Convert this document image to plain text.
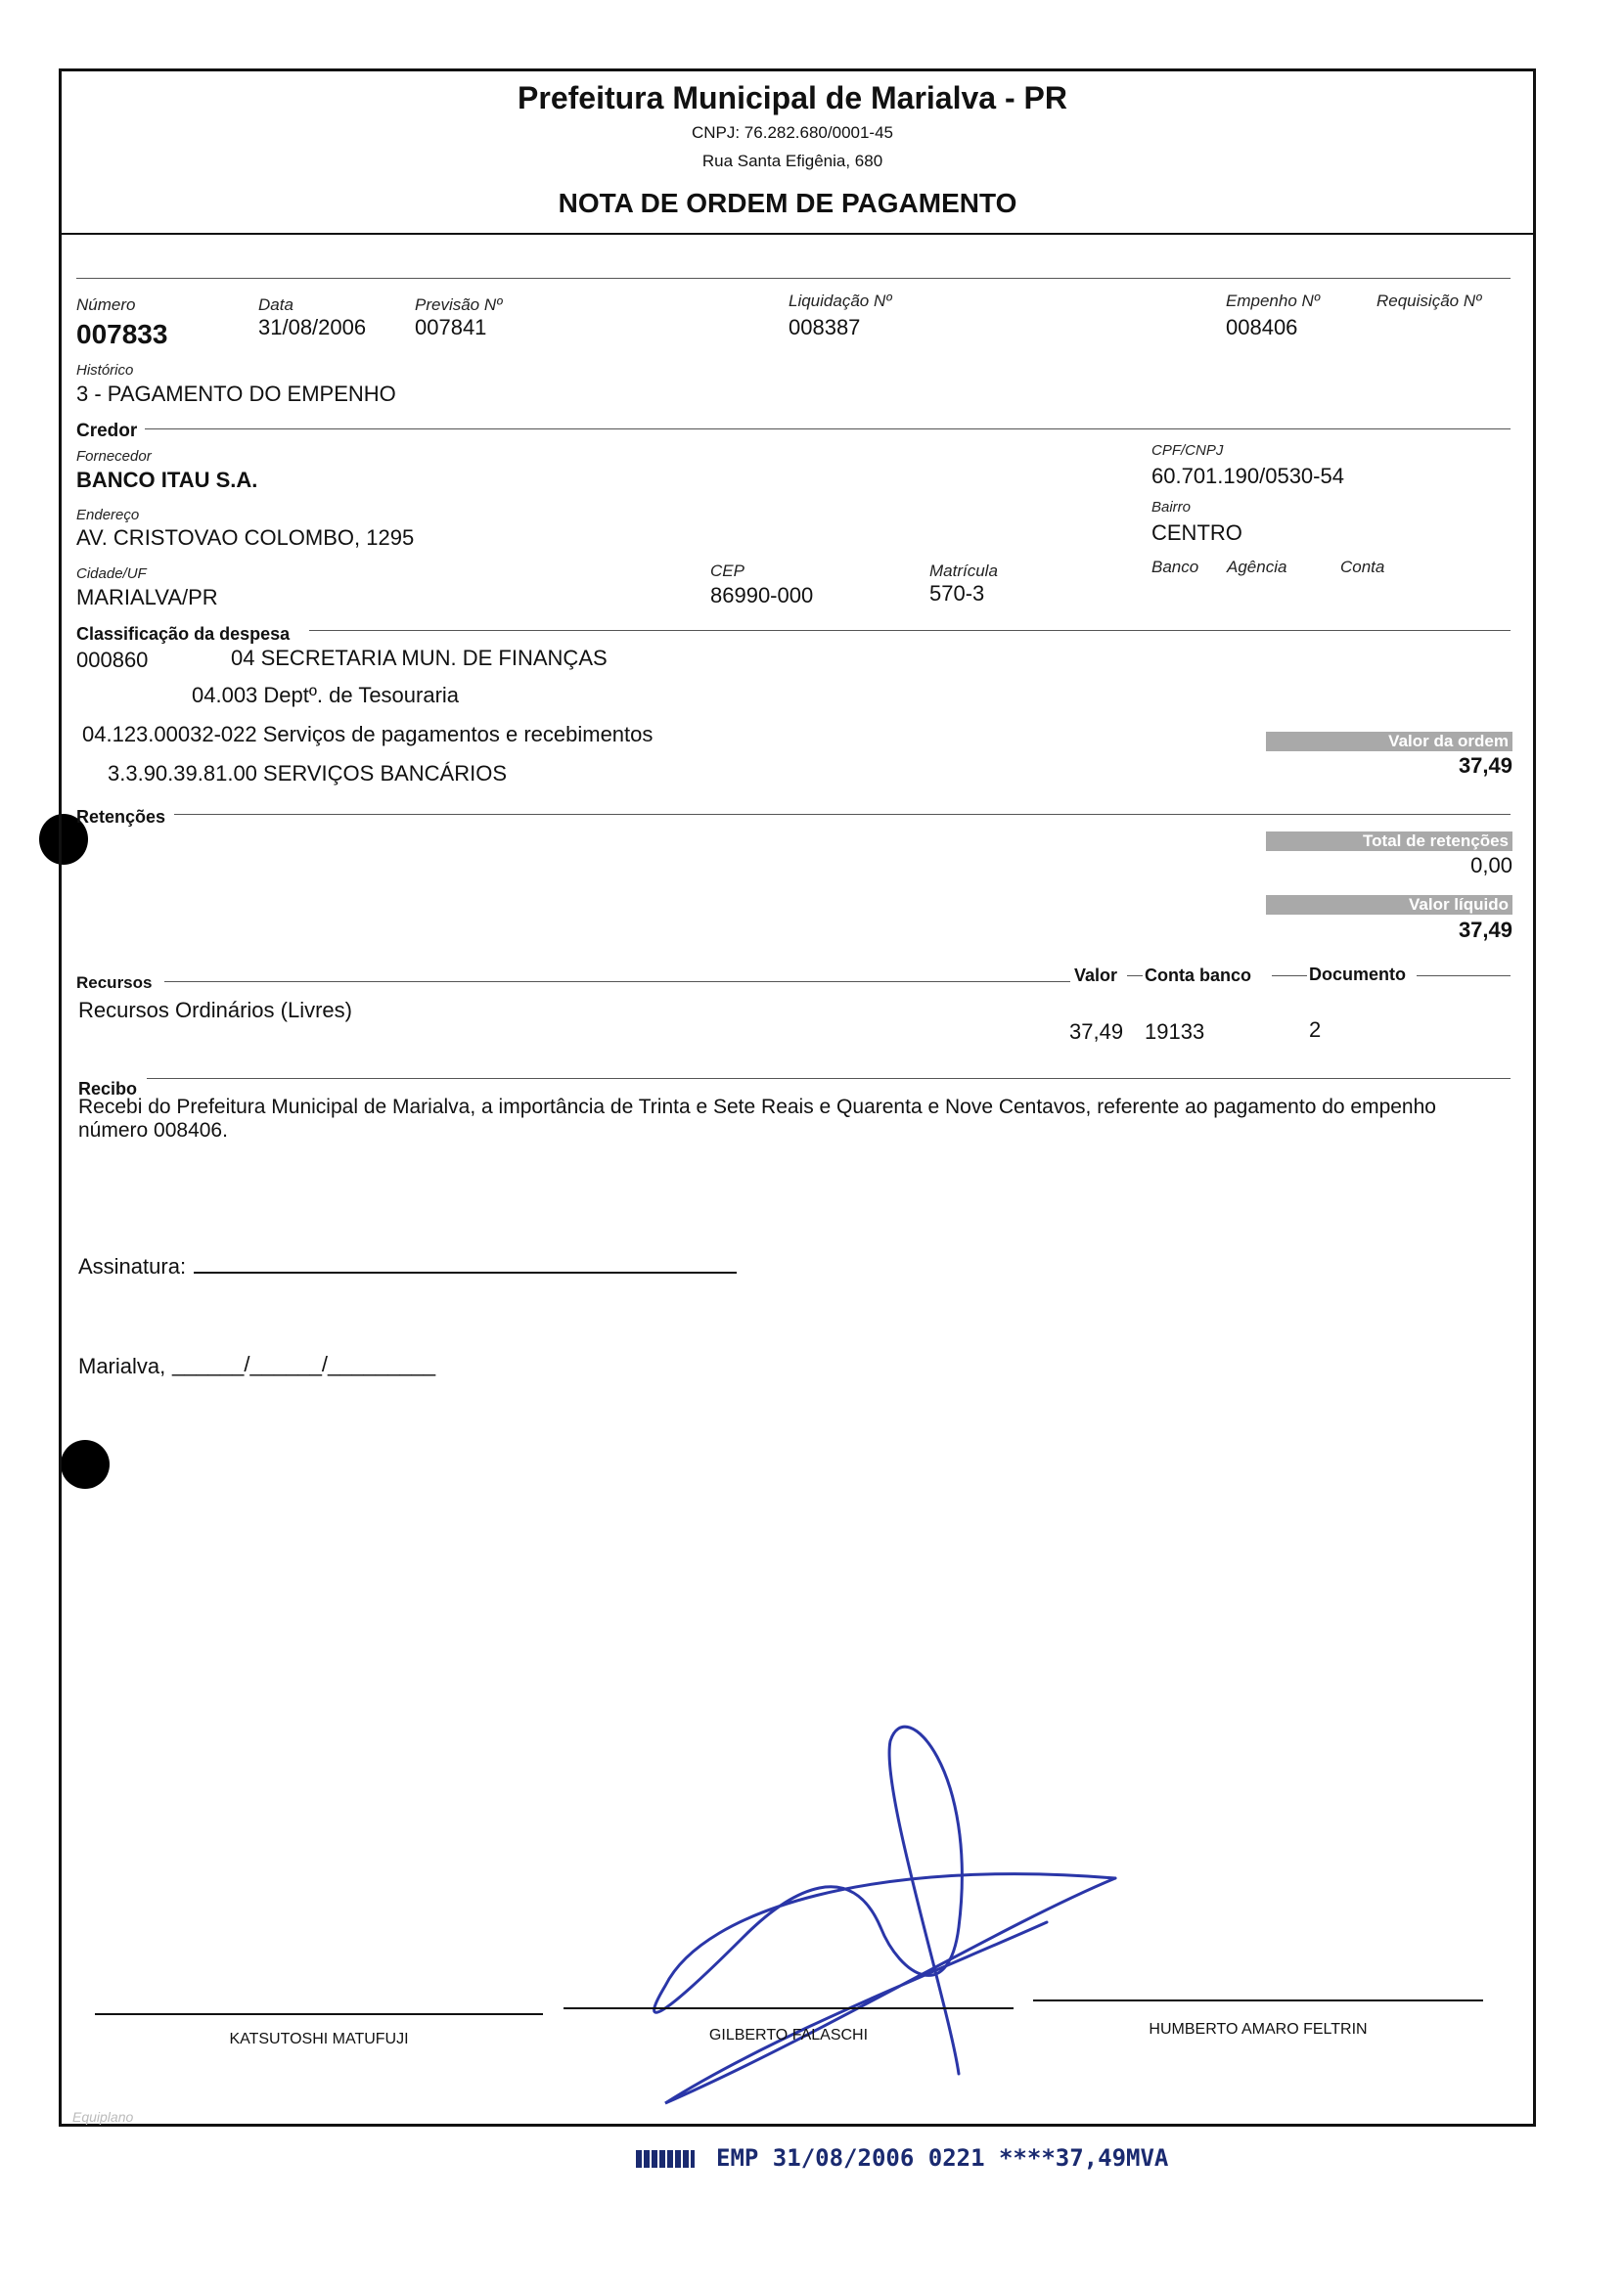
Prefeitura Municipal de Marialva - PR
CNPJ: 76.282.680/0001-45
Rua Santa Efigênia, 680
NOTA DE ORDEM DE PAGAMENTO
Número
007833
Data
31/08/2006
Previsão Nº
007841
Liquidação Nº
008387
Empenho Nº
008406
Requisição Nº
Histórico
3 - PAGAMENTO DO EMPENHO
Credor
Fornecedor
BANCO ITAU S.A.
CPF/CNPJ
60.701.190/0530-54
Endereço
AV. CRISTOVAO COLOMBO, 1295
Bairro
CENTRO
Cidade/UF
MARIALVA/PR
CEP
86990-000
Matrícula
570-3
Banco Agência	Conta
Classificação da despesa
000860	04 SECRETARIA MUN. DE FINANÇAS
04.003 Deptº. de Tesouraria
04.123.00032-022 Serviços de pagamentos e recebimentos
3.3.90.39.81.00 SERVIÇOS BANCÁRIOS
Valor da ordem
37,49
Retenções
Total de retenções
0,00
Valor líquido
37,49
Recursos	Valor Conta banco	Documento
Recursos Ordinários (Livres)
37,49 19133	2
Recibo
Recebi do Prefeitura Municipal de Marialva, a importância de Trinta e Sete Reais e Quarenta e Nove Centavos, referente ao pagamento do empenho número 008406.
Assinatura:
Marialva, ______/______/_________
KATSUTOSHI MATUFUJI	GILBERTO FALASCHI	HUMBERTO AMARO FELTRIN
Equiplano
EMP 31/08/2006 0221 ****37,49MVA
